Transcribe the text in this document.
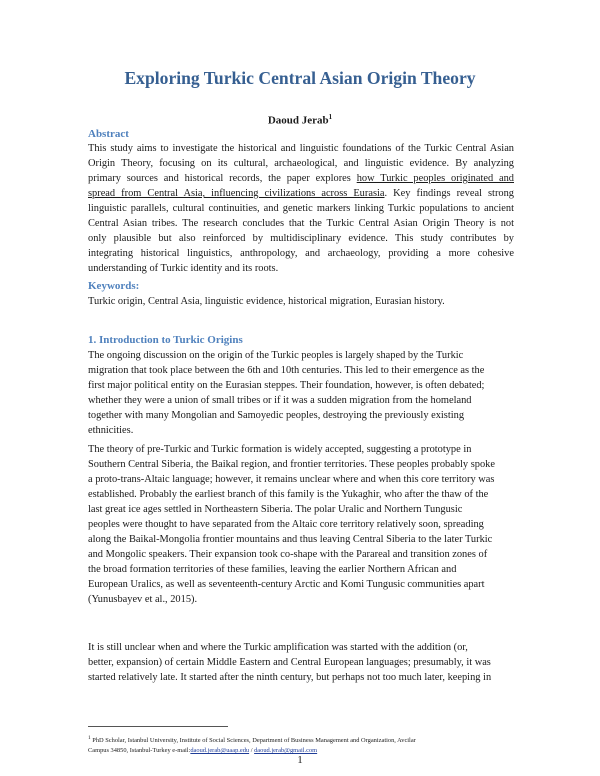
Exploring Turkic Central Asian Origin Theory
Daoud Jerab$^1$
Abstract
This study aims to investigate the historical and linguistic foundations of the Turkic Central Asian
Origin Theory, focusing on its cultural, archaeological, and linguistic evidence. By analyzing
primary sources and historical records, the paper explores how Turkic peoples originated and
spread from Central Asia, influencing civilizations across Eurasia. Key findings reveal strong
linguistic parallels, cultural continuities, and genetic markers linking Turkic populations to ancient
Central Asian tribes. The research concludes that the Turkic Central Asian Origin Theory is not
only plausible but also reinforced by multidisciplinary evidence. This study contributes by
integrating historical linguistics, anthropology, and archaeology, providing a more cohesive
understanding of Turkic identity and its roots.
Keywords:
Turkic origin, Central Asia, linguistic evidence, historical migration, Eurasian history.
1. Introduction to Turkic Origins
The ongoing discussion on the origin of the Turkic peoples is largely shaped by the Turkic
migration that took place between the 6th and 10th centuries. This led to their emergence as the
first major political entity on the Eurasian steppes. Their foundation, however, is often debated;
whether they were a union of small tribes or if it was a sudden migration from the homeland
together with many Mongolian and Samoyedic peoples, destroying the previously existing
ethnicities.
The theory of pre-Turkic and Turkic formation is widely accepted, suggesting a prototype in
Southern Central Siberia, the Baikal region, and frontier territories. These peoples probably spoke
a proto-trans-Altaic language; however, it remains unclear where and when this core territory was
established. Probably the earliest branch of this family is the Yukaghir, who after the thaw of the
last great ice ages settled in Northeastern Siberia. The polar Uralic and Northern Tungusic
peoples were thought to have separated from the Altaic core territory relatively soon, spreading
along the Baikal-Mongolia frontier mountains and thus leaving Central Siberia to the later Turkic
and Mongolic speakers. Their expansion took co-shape with the Parareal and transition zones of
the broad formation territories of these families, leaving the earlier Northern African and
European Uralics, as well as seventeenth-century Arctic and Komi Tungusic communities apart
(Yunusbayev et al., 2015).
It is still unclear when and where the Turkic amplification was started with the addition (or,
better, expansion) of certain Middle Eastern and Central European languages; presumably, it was
started relatively late. It started after the ninth century, but perhaps not too much later, keeping in
$^1$ PhD Scholar, Istanbul University, Institute of Social Sciences, Department of Business Management and Organization, Avcilar
Campus 34850, Istanbul-Turkey e-mail:daoud.jerab@uaap.edu / daoud.jerab@gmail.com
1
